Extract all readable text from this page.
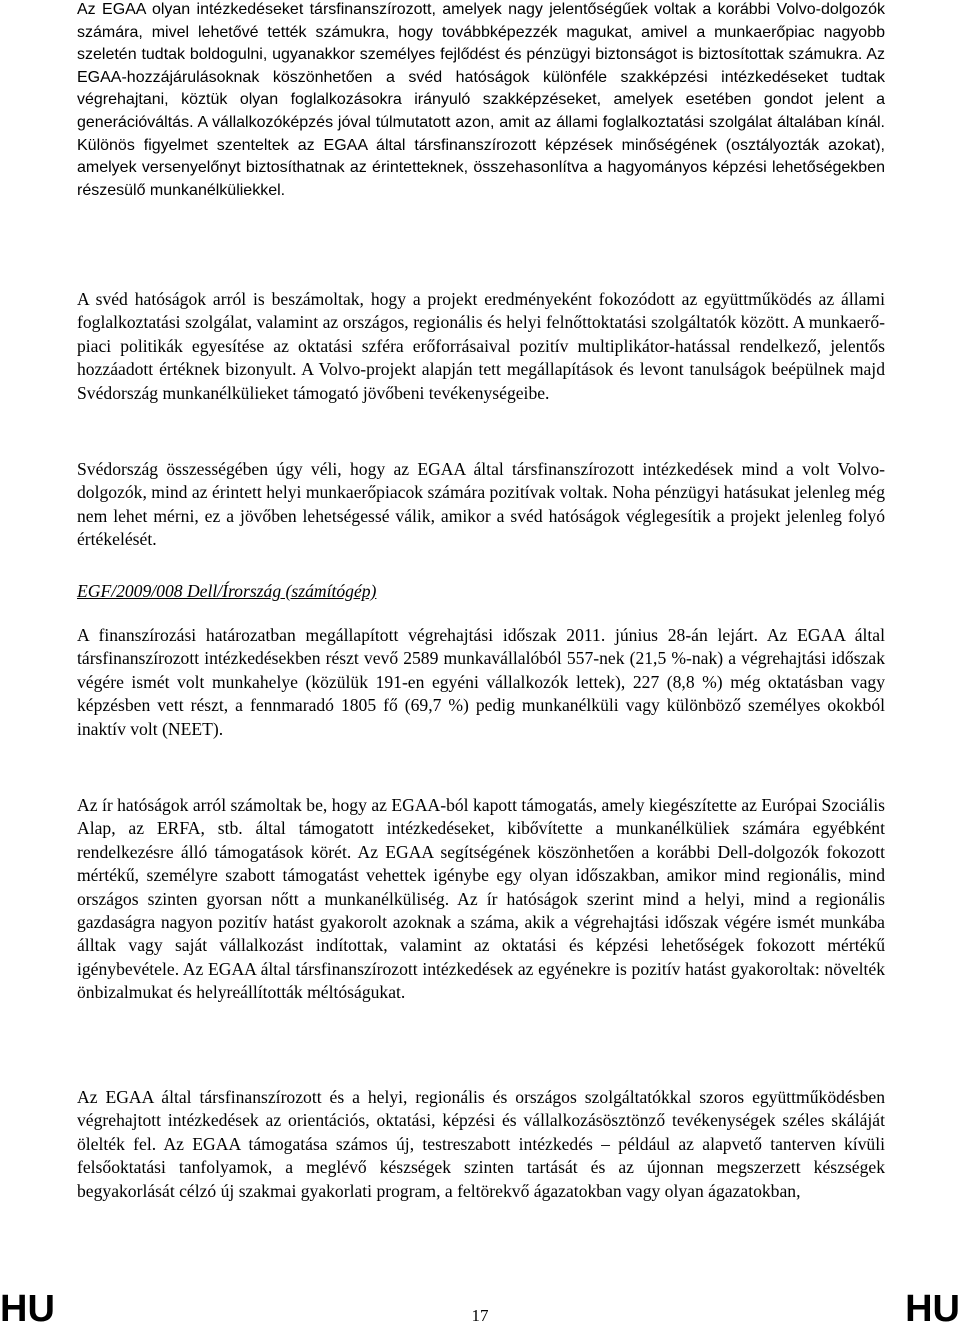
Az EGAA olyan intézkedéseket társfinanszírozott, amelyek nagy jelentőségűek voltak a korábbi Volvo-dolgozók számára, mivel lehetővé tették számukra, hogy továbbképezzék magukat, amivel a munkaerőpiac nagyobb szeletén tudtak boldogulni, ugyanakkor személyes fejlődést és pénzügyi biztonságot is biztosítottak számukra. Az EGAA-hozzájárulásoknak köszönhetően a svéd hatóságok különféle szakképzési intézkedéseket tudtak végrehajtani, köztük olyan foglalkozásokra irányuló szakképzéseket, amelyek esetében gondot jelent a generációváltás. A vállalkozóképzés jóval túlmutatott azon, amit az állami foglalkoztatási szolgálat általában kínál. Különös figyelmet szenteltek az EGAA által társfinanszírozott képzések minőségének (osztályozták azokat), amelyek versenyelőnyt biztosíthatnak az érintetteknek, összehasonlítva a hagyományos képzési lehetőségekben részesülő munkanélküliekkel.

A svéd hatóságok arról is beszámoltak, hogy a projekt eredményeként fokozódott az együttműködés az állami foglalkoztatási szolgálat, valamint az országos, regionális és helyi felnőttoktatási szolgáltatók között. A munkaerő-piaci politikák egyesítése az oktatási szféra erőforrásaival pozitív multiplikátor-hatással rendelkező, jelentős hozzáadott értéknek bizonyult. A Volvo-projekt alapján tett megállapítások és levont tanulságok beépülnek majd Svédország munkanélkülieket támogató jövőbeni tevékenységeibe.

Svédország összességében úgy véli, hogy az EGAA által társfinanszírozott intézkedések mind a volt Volvo-dolgozók, mind az érintett helyi munkaerőpiacok számára pozitívak voltak. Noha pénzügyi hatásukat jelenleg még nem lehet mérni, ez a jövőben lehetségessé válik, amikor a svéd hatóságok véglegesítik a projekt jelenleg folyó értékelését.

EGF/2009/008 Dell/Írország (számítógép)

A finanszírozási határozatban megállapított végrehajtási időszak 2011. június 28-án lejárt. Az EGAA által társfinanszírozott intézkedésekben részt vevő 2589 munkavállalóból 557-nek (21,5 %-nak) a végrehajtási időszak végére ismét volt munkahelye (közülük 191-en egyéni vállalkozók lettek), 227 (8,8 %) még oktatásban vagy képzésben vett részt, a fennmaradó 1805 fő (69,7 %) pedig munkanélküli vagy különböző személyes okokból inaktív volt (NEET).

Az ír hatóságok arról számoltak be, hogy az EGAA-ból kapott támogatás, amely kiegészítette az Európai Szociális Alap, az ERFA, stb. által támogatott intézkedéseket, kibővítette a munkanélküliek számára egyébként rendelkezésre álló támogatások körét. Az EGAA segítségének köszönhetően a korábbi Dell-dolgozók fokozott mértékű, személyre szabott támogatást vehettek igénybe egy olyan időszakban, amikor mind regionális, mind országos szinten gyorsan nőtt a munkanélküliség. Az ír hatóságok szerint mind a helyi, mind a regionális gazdaságra nagyon pozitív hatást gyakorolt azoknak a száma, akik a végrehajtási időszak végére ismét munkába álltak vagy saját vállalkozást indítottak, valamint az oktatási és képzési lehetőségek fokozott mértékű igénybevétele. Az EGAA által társfinanszírozott intézkedések az egyénekre is pozitív hatást gyakoroltak: növelték önbizalmukat és helyreállították méltóságukat.

Az EGAA által társfinanszírozott és a helyi, regionális és országos szolgáltatókkal szoros együttműködésben végrehajtott intézkedések az orientációs, oktatási, képzési és vállalkozásösztönző tevékenységek széles skáláját ölelték fel. Az EGAA támogatása számos új, testreszabott intézkedés – például az alapvető tanterven kívüli felsőoktatási tanfolyamok, a meglévő készségek szinten tartását és az újonnan megszerzett készségek begyakorlását célzó új szakmai gyakorlati program, a feltörekvő ágazatokban vagy olyan ágazatokban,

HU	17	HU
